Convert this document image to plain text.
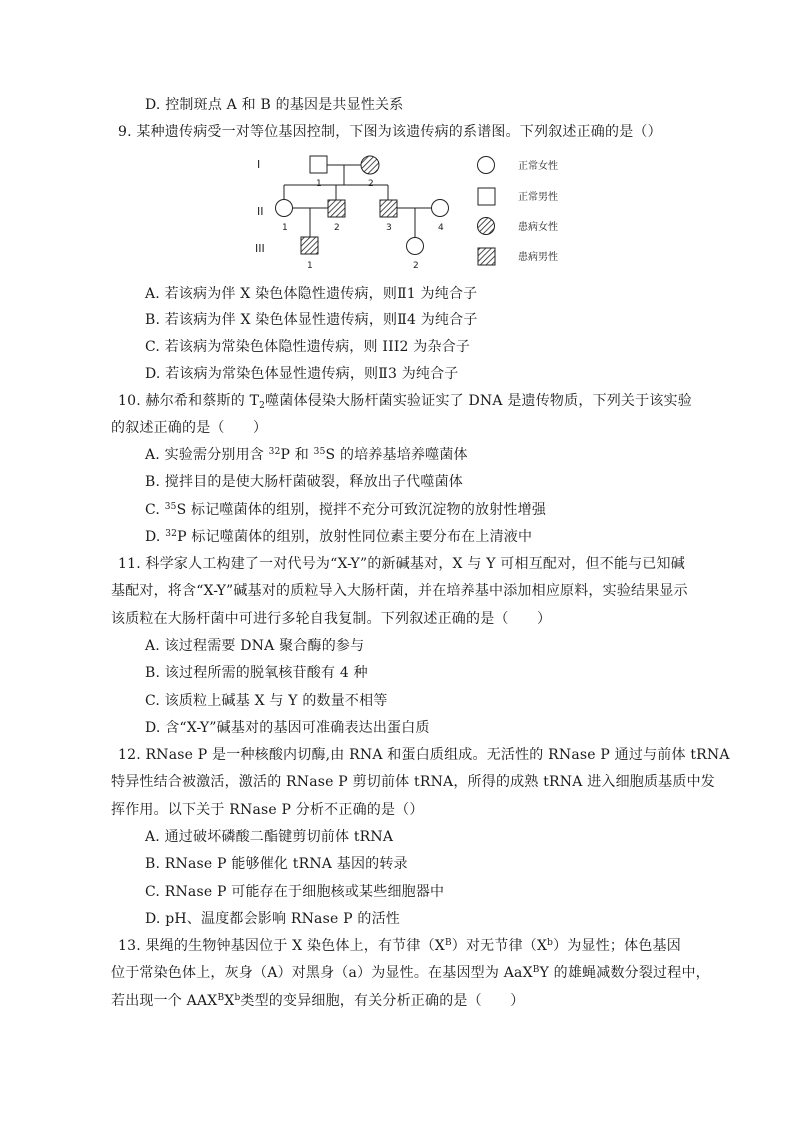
D. 控制斑点 A 和 B 的基因是共显性关系
9. 某种遗传病受一对等位基因控制，下图为该遗传病的系谱图。下列叙述正确的是（）
I
II
III
1	2
1	2	3	4
1	2
正常女性
正常男性
患病女性
患病男性
A. 若该病为伴 X 染色体隐性遗传病，则Ⅱ1 为纯合子
B. 若该病为伴 X 染色体显性遗传病，则Ⅱ4 为纯合子
C. 若该病为常染色体隐性遗传病，则 III2 为杂合子
D. 若该病为常染色体显性遗传病，则Ⅱ3 为纯合子
10. 赫尔希和蔡斯的 $T_2$噬菌体侵染大肠杆菌实验证实了 DNA 是遗传物质，下列关于该实验
的叙述正确的是（　　）
A. 实验需分别用含 $^{32}$P 和 $^{35}$S 的培养基培养噬菌体
B. 搅拌目的是使大肠杆菌破裂，释放出子代噬菌体
C. $^{35}$S 标记噬菌体的组别，搅拌不充分可致沉淀物的放射性增强
D. $^{32}$P 标记噬菌体的组别，放射性同位素主要分布在上清液中
11. 科学家人工构建了一对代号为“X-Y”的新碱基对，X 与 Y 可相互配对，但不能与已知碱
基配对，将含“X-Y”碱基对的质粒导入大肠杆菌，并在培养基中添加相应原料，实验结果显示
该质粒在大肠杆菌中可进行多轮自我复制。下列叙述正确的是（　　）
A. 该过程需要 DNA 聚合酶的参与
B. 该过程所需的脱氧核苷酸有 4 种
C. 该质粒上碱基 X 与 Y 的数量不相等
D. 含“X-Y”碱基对的基因可准确表达出蛋白质
12. RNase P 是一种核酸内切酶,由 RNA 和蛋白质组成。无活性的 RNase P 通过与前体 tRNA
特异性结合被激活，激活的 RNase P 剪切前体 tRNA，所得的成熟 tRNA 进入细胞质基质中发
挥作用。以下关于 RNase P 分析不正确的是（）
A. 通过破坏磷酸二酯键剪切前体 tRNA
B. RNase P 能够催化 tRNA 基因的转录
C. RNase P 可能存在于细胞核或某些细胞器中
D. pH、温度都会影响 RNase P 的活性
13. 果绳的生物钟基因位于 X 染色体上，有节律$(X^B)$对无节律$(X^b)$为显性；体色基因
位于常染色体上，灰身（A）对黑身（a）为显性。在基因型为 AaX$^B$Y 的雄蝇减数分裂过程中，
若出现一个 $AAX^BX^b$类型的变异细胞，有关分析正确的是（　　）
